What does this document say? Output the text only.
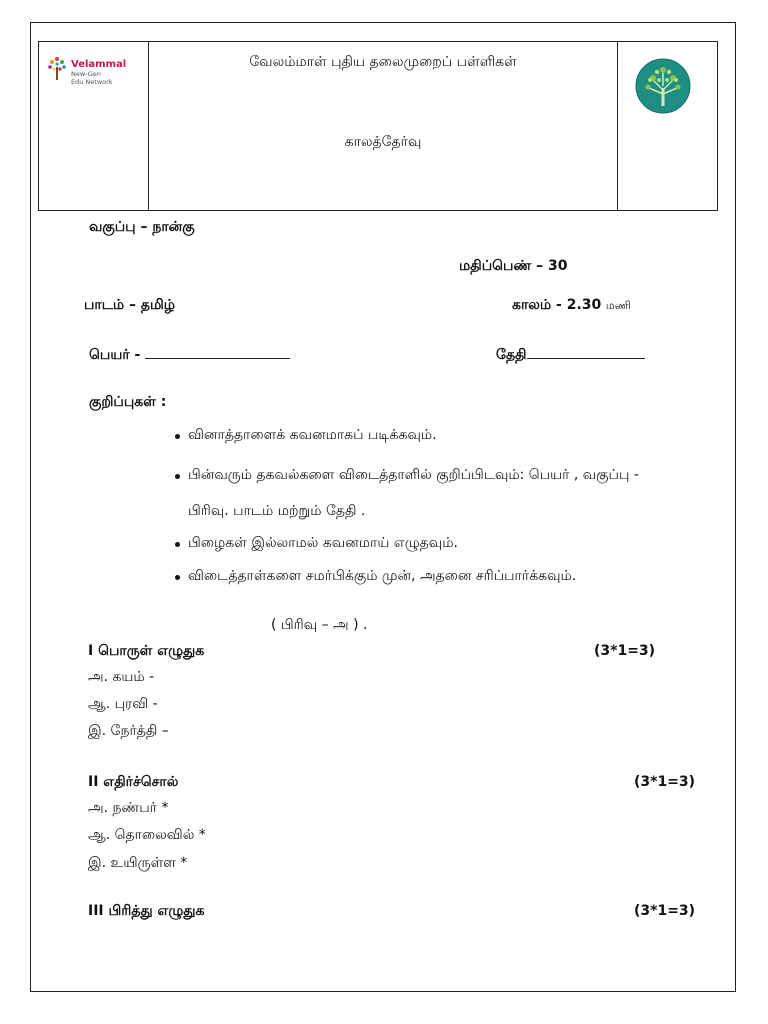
Velammal
New-Gen
Edu Network
வேலம்மாள் புதிய தலைமுறைப் பள்ளிகள்
காலத்தேர்வு
வகுப்பு – நான்கு
மதிப்பெண் – 30
பாடம் – தமிழ்	காலம் - 2.30 மணி
பெயர் -	தேதி
குறிப்புகள் :
வினாத்தாளைக் கவனமாகப் படிக்கவும்.
பின்வரும் தகவல்களை விடைத்தாளில் குறிப்பிடவும்: பெயர் , வகுப்பு -
பிரிவு. பாடம் மற்றும் தேதி .
பிழைகள் இல்லாமல் கவனமாய் எழுதவும்.
விடைத்தாள்களை சமர்பிக்கும் முன், அதனை சரிப்பார்க்கவும்.
( பிரிவு – அ ) .
I பொருள் எழுதுக	(3*1=3)
அ. கயம் -
ஆ. புரவி -
இ. நேர்த்தி –
II எதிர்ச்சொல்	(3*1=3)
அ. நண்பர் *
ஆ. தொலைவில் *
இ. உயிருள்ள *
III பிரித்து எழுதுக	(3*1=3)
